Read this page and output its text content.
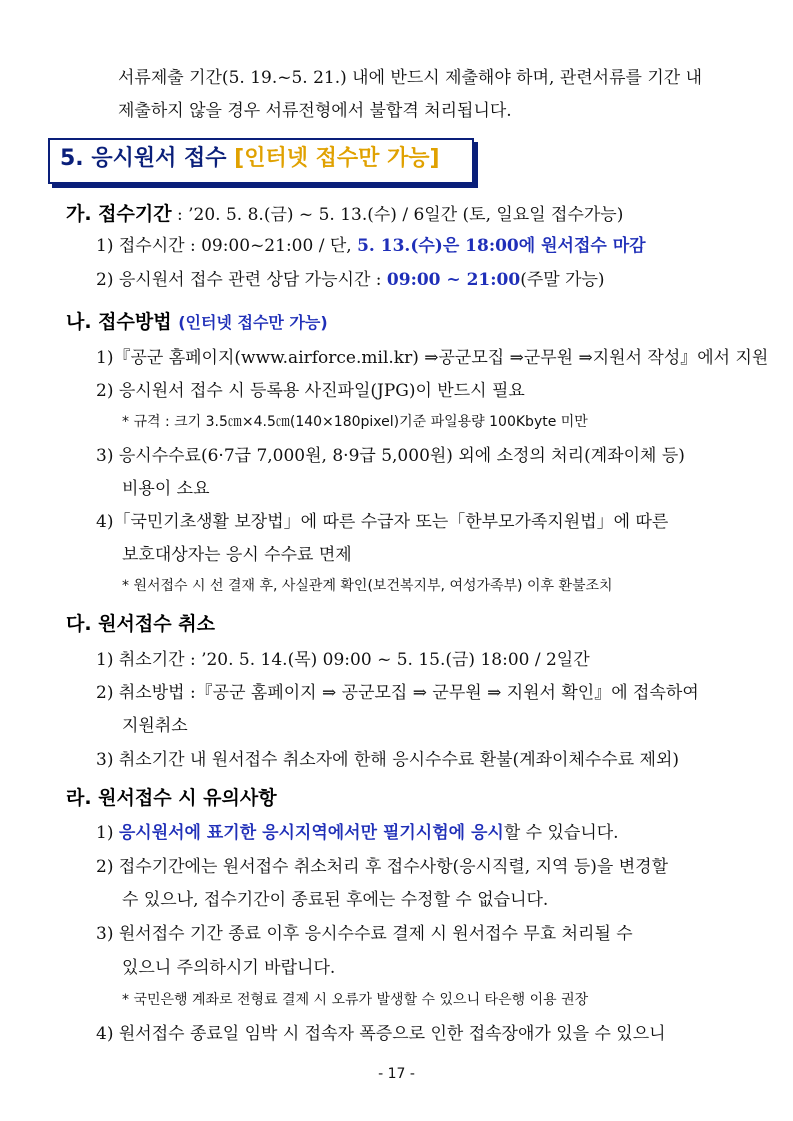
서류제출 기간(5. 19.~5. 21.) 내에 반드시 제출해야 하며, 관련서류를 기간 내
제출하지 않을 경우 서류전형에서 불합격 처리됩니다.
5. 응시원서 접수 [인터넷 접수만 가능]
가. 접수기간 : ’20. 5. 8.(금) ~ 5. 13.(수) / 6일간 (토, 일요일 접수가능)
1) 접수시간 : 09:00~21:00 / 단, 5. 13.(수)은 18:00에 원서접수 마감
2) 응시원서 접수 관련 상담 가능시간 : 09:00 ~ 21:00(주말 가능)
나. 접수방법 (인터넷 접수만 가능)
1)『공군 홈페이지(www.airforce.mil.kr) ⇒공군모집 ⇒군무원 ⇒지원서 작성』에서 지원
2) 응시원서 접수 시 등록용 사진파일(JPG)이 반드시 필요
* 규격 : 크기 3.5㎝×4.5㎝(140×180pixel)기준 파일용량 100Kbyte 미만
3) 응시수수료(6·7급 7,000원, 8·9급 5,000원) 외에 소정의 처리(계좌이체 등)
비용이 소요
4)「국민기초생활 보장법」에 따른 수급자 또는「한부모가족지원법」에 따른
보호대상자는 응시 수수료 면제
* 원서접수 시 선 결재 후, 사실관계 확인(보건복지부, 여성가족부) 이후 환불조치
다. 원서접수 취소
1) 취소기간 : ’20. 5. 14.(목) 09:00 ~ 5. 15.(금) 18:00 / 2일간
2) 취소방법 :『공군 홈페이지 ⇒ 공군모집 ⇒ 군무원 ⇒ 지원서 확인』에 접속하여
지원취소
3) 취소기간 내 원서접수 취소자에 한해 응시수수료 환불(계좌이체수수료 제외)
라. 원서접수 시 유의사항
1) 응시원서에 표기한 응시지역에서만 필기시험에 응시할 수 있습니다.
2) 접수기간에는 원서접수 취소처리 후 접수사항(응시직렬, 지역 등)을 변경할
수 있으나, 접수기간이 종료된 후에는 수정할 수 없습니다.
3) 원서접수 기간 종료 이후 응시수수료 결제 시 원서접수 무효 처리될 수
있으니 주의하시기 바랍니다.
* 국민은행 계좌로 전형료 결제 시 오류가 발생할 수 있으니 타은행 이용 권장
4) 원서접수 종료일 임박 시 접속자 폭증으로 인한 접속장애가 있을 수 있으니
- 17 -
